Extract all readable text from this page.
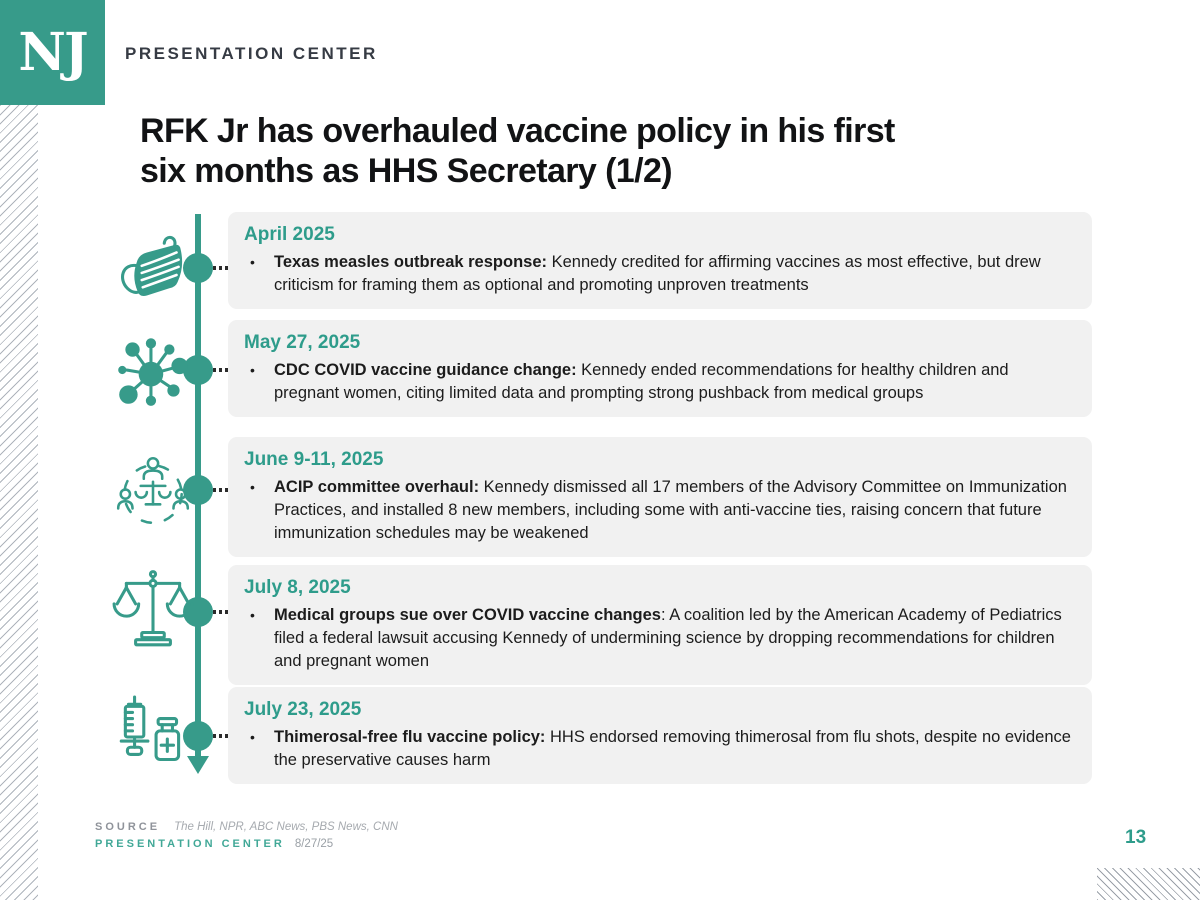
NJ PRESENTATION CENTER
RFK Jr has overhauled vaccine policy in his first
six months as HHS Secretary (1/2)
April 2025
•	Texas measles outbreak response: Kennedy credited for affirming vaccines as most effective, but drew criticism for framing them as optional and promoting unproven treatments
May 27, 2025
•	CDC COVID vaccine guidance change: Kennedy ended recommendations for healthy children and pregnant women, citing limited data and prompting strong pushback from medical groups
June 9-11, 2025
•	ACIP committee overhaul: Kennedy dismissed all 17 members of the Advisory Committee on Immunization Practices, and installed 8 new members, including some with anti-vaccine ties, raising concern that future immunization schedules may be weakened
July 8, 2025
•	Medical groups sue over COVID vaccine changes: A coalition led by the American Academy of Pediatrics filed a federal lawsuit accusing Kennedy of undermining science by dropping recommendations for children and pregnant women
July 23, 2025
•	Thimerosal-free flu vaccine policy: HHS endorsed removing thimerosal from flu shots, despite no evidence the preservative causes harm
SOURCE The Hill, NPR, ABC News, PBS News, CNN
PRESENTATION CENTER 8/27/25	13
